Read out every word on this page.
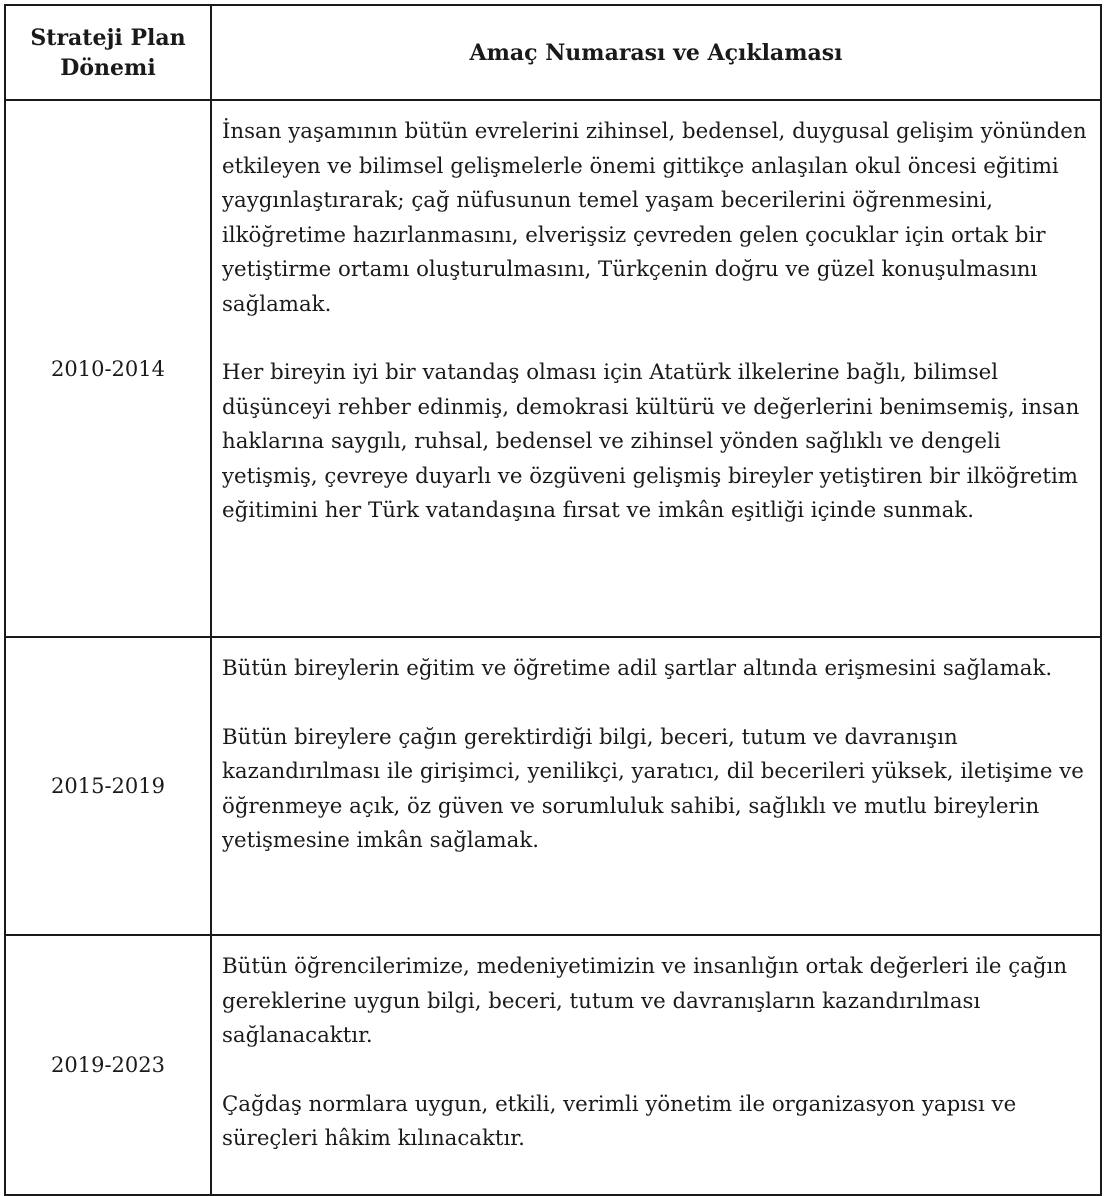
Strateji Plan Dönemi	Amaç Numarası ve Açıklaması
2010-2014	İnsan yaşamının bütün evrelerini zihinsel, bedensel, duygusal gelişim yönünden etkileyen ve bilimsel gelişmelerle önemi gittikçe anlaşılan okul öncesi eğitimi yaygınlaştırarak; çağ nüfusunun temel yaşam becerilerini öğrenmesini, ilköğretime hazırlanmasını, elverişsiz çevreden gelen çocuklar için ortak bir yetiştirme ortamı oluşturulmasını, Türkçenin doğru ve güzel konuşulmasını sağlamak.

Her bireyin iyi bir vatandaş olması için Atatürk ilkelerine bağlı, bilimsel düşünceyi rehber edinmiş, demokrasi kültürü ve değerlerini benimsemiş, insan haklarına saygılı, ruhsal, bedensel ve zihinsel yönden sağlıklı ve dengeli yetişmiş, çevreye duyarlı ve özgüveni gelişmiş bireyler yetiştiren bir ilköğretim eğitimini her Türk vatandaşına fırsat ve imkân eşitliği içinde sunmak.

2015-2019	Bütün bireylerin eğitim ve öğretime adil şartlar altında erişmesini sağlamak.

Bütün bireylere çağın gerektirdiği bilgi, beceri, tutum ve davranışın kazandırılması ile girişimci, yenilikçi, yaratıcı, dil becerileri yüksek, iletişime ve öğrenmeye açık, öz güven ve sorumluluk sahibi, sağlıklı ve mutlu bireylerin yetişmesine imkân sağlamak.

2019-2023	Bütün öğrencilerimize, medeniyetimizin ve insanlığın ortak değerleri ile çağın gereklerine uygun bilgi, beceri, tutum ve davranışların kazandırılması sağlanacaktır.

Çağdaş normlara uygun, etkili, verimli yönetim ile organizasyon yapısı ve süreçleri hâkim kılınacaktır.
